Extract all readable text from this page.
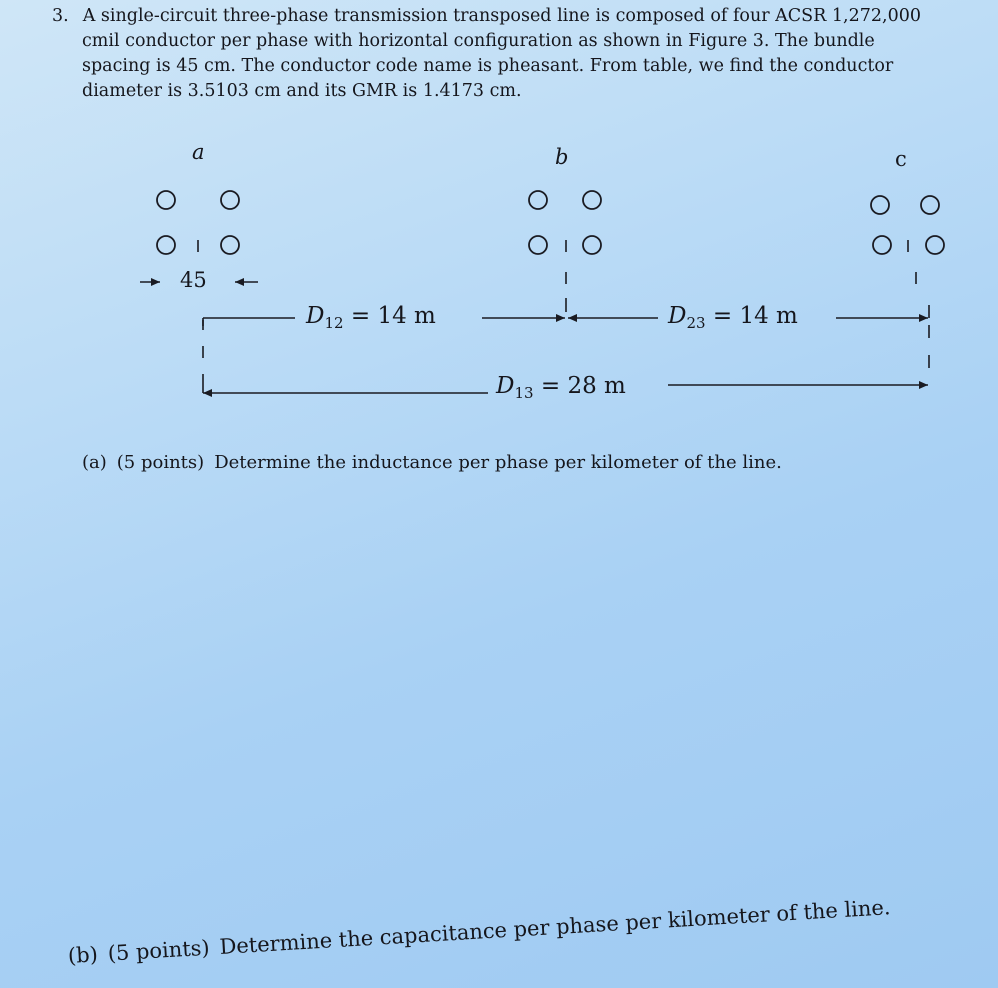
3. A single-circuit three-phase transmission transposed line is composed of four ACSR 1,272,000
cmil conductor per phase with horizontal configuration as shown in Figure 3. The bundle
spacing is 45 cm. The conductor code name is pheasant. From table, we find the conductor
diameter is 3.5103 cm and its GMR is 1.4173 cm.
a	b	c
45
$D_{12} = 14$ m	$D_{23} = 14$ m
$D_{13} = 28$ m
(a) (5 points) Determine the inductance per phase per kilometer of the line.
(b) (5 points) Determine the capacitance per phase per kilometer of the line.
